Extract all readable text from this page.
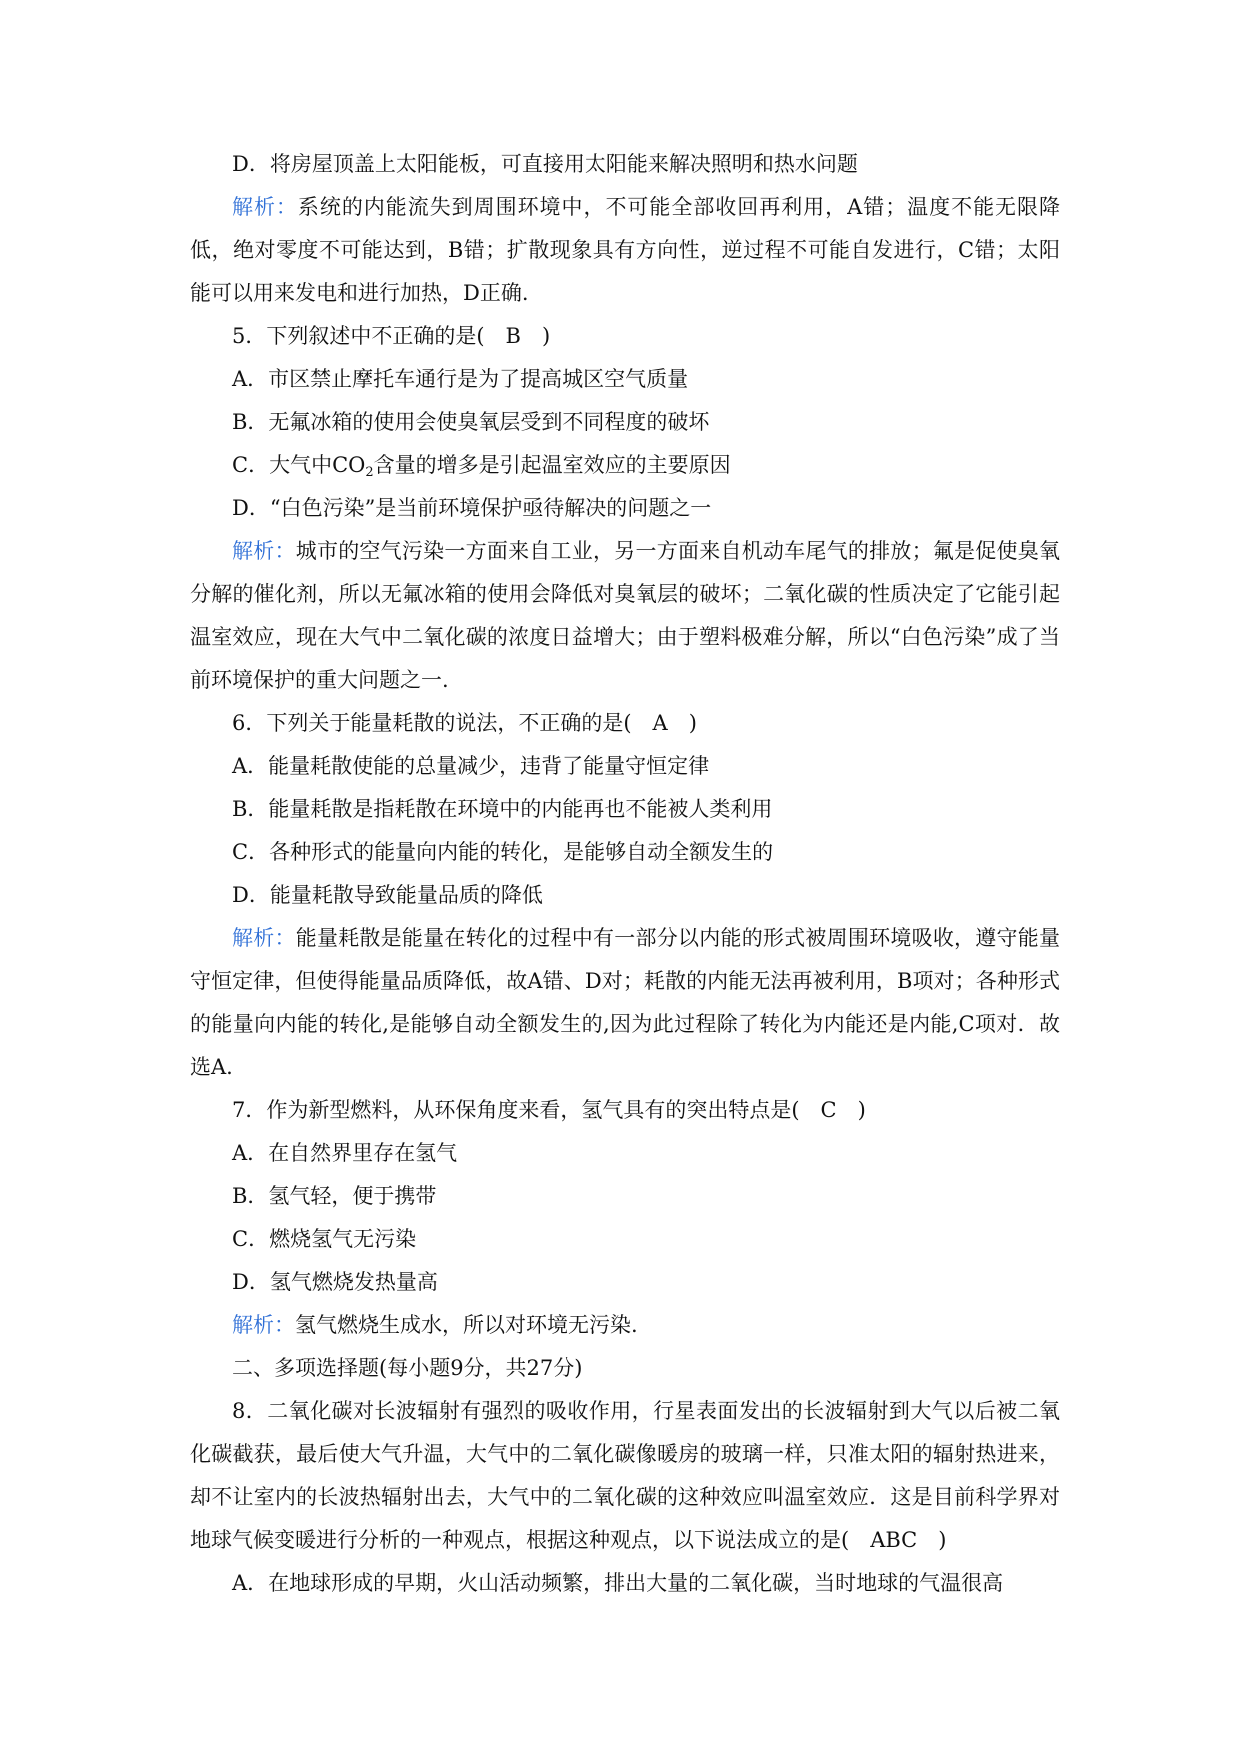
D．将房屋顶盖上太阳能板，可直接用太阳能来解决照明和热水问题
解析：系统的内能流失到周围环境中，不可能全部收回再利用，A错；温度不能无限降低，绝对零度不可能达到，B错；扩散现象具有方向性，逆过程不可能自发进行，C错；太阳能可以用来发电和进行加热，D正确.
5．下列叙述中不正确的是(　B　)
A．市区禁止摩托车通行是为了提高城区空气质量
B．无氟冰箱的使用会使臭氧层受到不同程度的破坏
C．大气中$CO_2$含量的增多是引起温室效应的主要原因
D．“白色污染”是当前环境保护亟待解决的问题之一
解析：城市的空气污染一方面来自工业，另一方面来自机动车尾气的排放；氟是促使臭氧分解的催化剂，所以无氟冰箱的使用会降低对臭氧层的破坏；二氧化碳的性质决定了它能引起温室效应，现在大气中二氧化碳的浓度日益增大；由于塑料极难分解，所以“白色污染”成了当前环境保护的重大问题之一.
6．下列关于能量耗散的说法，不正确的是(　A　)
A．能量耗散使能的总量减少，违背了能量守恒定律
B．能量耗散是指耗散在环境中的内能再也不能被人类利用
C．各种形式的能量向内能的转化，是能够自动全额发生的
D．能量耗散导致能量品质的降低
解析：能量耗散是能量在转化的过程中有一部分以内能的形式被周围环境吸收，遵守能量守恒定律，但使得能量品质降低，故A错、D对；耗散的内能无法再被利用，B项对；各种形式的能量向内能的转化,是能够自动全额发生的,因为此过程除了转化为内能还是内能,C项对．故选A.
7．作为新型燃料，从环保角度来看，氢气具有的突出特点是(　C　)
A．在自然界里存在氢气
B．氢气轻，便于携带
C．燃烧氢气无污染
D．氢气燃烧发热量高
解析：氢气燃烧生成水，所以对环境无污染.
二、多项选择题(每小题9分，共27分)
8．二氧化碳对长波辐射有强烈的吸收作用，行星表面发出的长波辐射到大气以后被二氧化碳截获，最后使大气升温，大气中的二氧化碳像暖房的玻璃一样，只准太阳的辐射热进来，却不让室内的长波热辐射出去，大气中的二氧化碳的这种效应叫温室效应．这是目前科学界对地球气候变暖进行分析的一种观点，根据这种观点，以下说法成立的是(　ABC　)
A．在地球形成的早期，火山活动频繁，排出大量的二氧化碳，当时地球的气温很高
